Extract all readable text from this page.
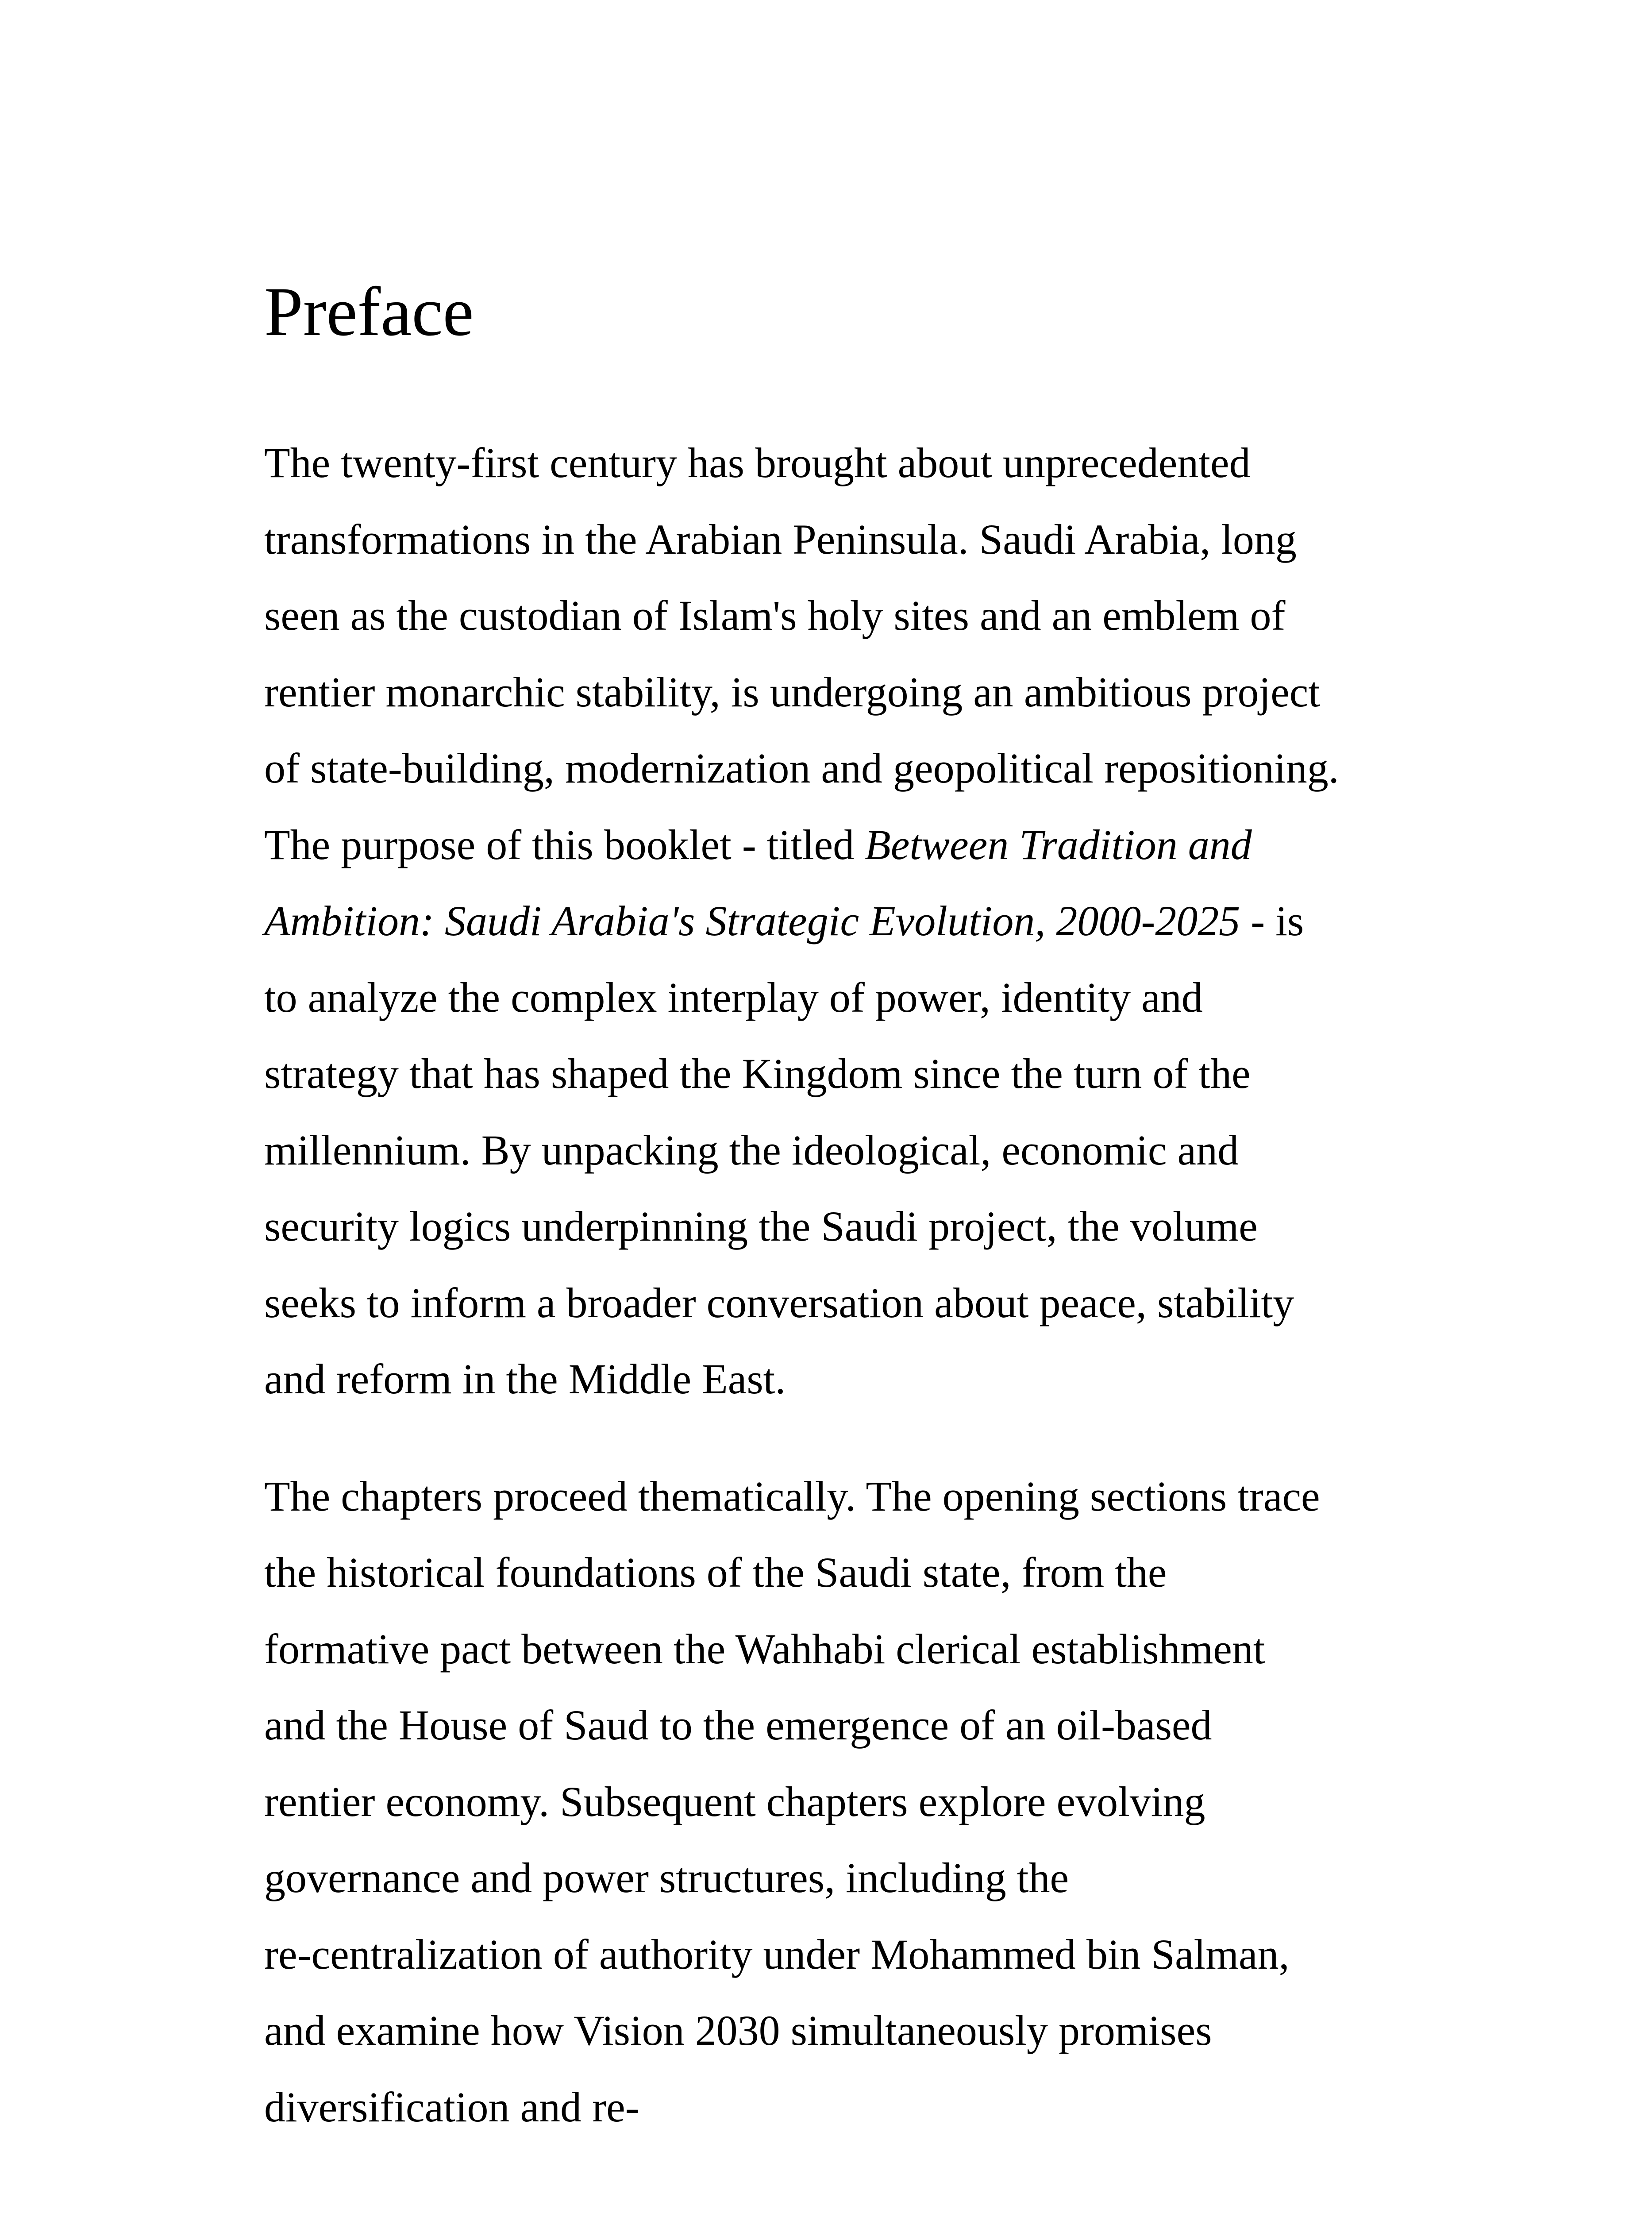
Preface

The twenty-first century has brought about unprecedented
transformations in the Arabian Peninsula. Saudi Arabia, long
seen as the custodian of Islam's holy sites and an emblem of
rentier monarchic stability, is undergoing an ambitious project
of state-building, modernization and geopolitical repositioning.
The purpose of this booklet - titled Between Tradition and
Ambition: Saudi Arabia's Strategic Evolution, 2000-2025 - is
to analyze the complex interplay of power, identity and
strategy that has shaped the Kingdom since the turn of the
millennium. By unpacking the ideological, economic and
security logics underpinning the Saudi project, the volume
seeks to inform a broader conversation about peace, stability
and reform in the Middle East.

The chapters proceed thematically. The opening sections trace
the historical foundations of the Saudi state, from the
formative pact between the Wahhabi clerical establishment
and the House of Saud to the emergence of an oil-based
rentier economy. Subsequent chapters explore evolving
governance and power structures, including the
re-centralization of authority under Mohammed bin Salman,
and examine how Vision 2030 simultaneously promises
diversification and re-
